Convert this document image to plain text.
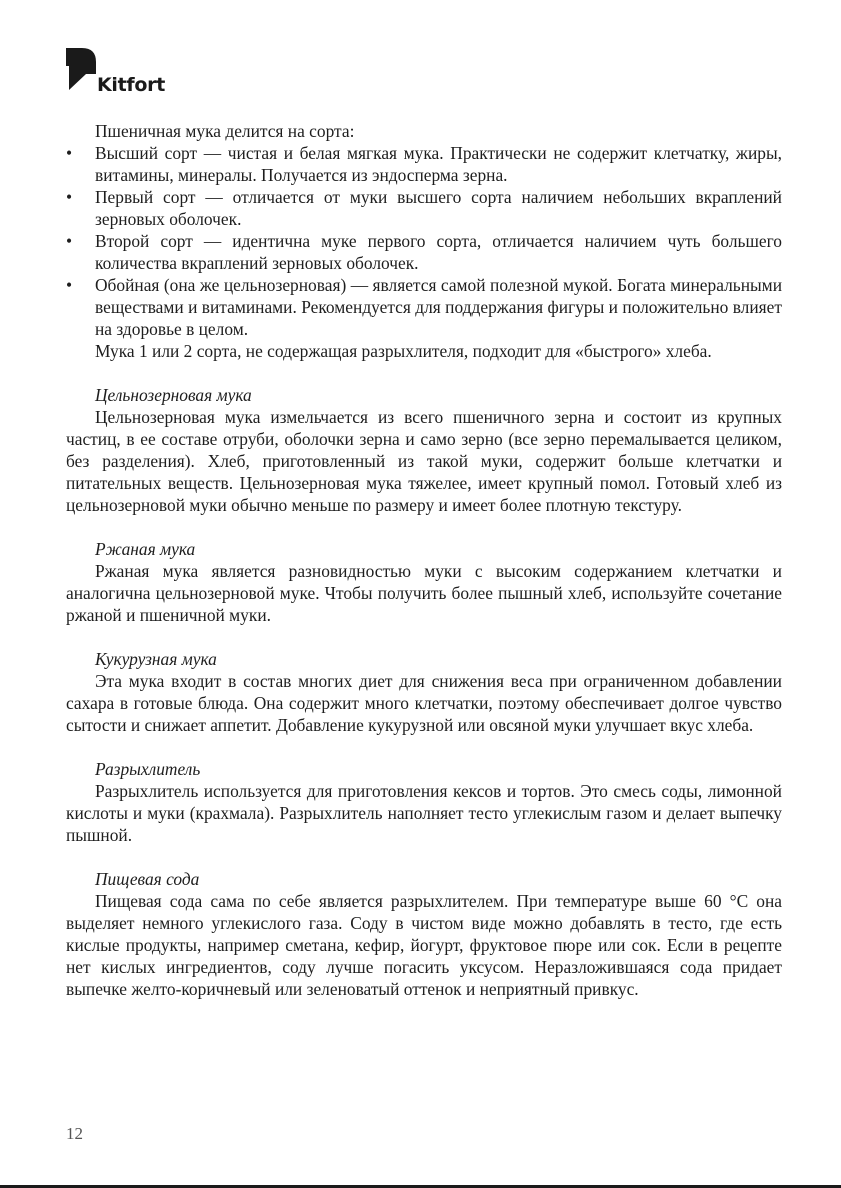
Kitfort

Пшеничная мука делится на сорта:

•	Высший сорт — чистая и белая мягкая мука. Практически не содержит клетчатку, жиры, витамины, минералы. Получается из эндосперма зерна.
•	Первый сорт — отличается от муки высшего сорта наличием небольших вкраплений зерновых оболочек.
•	Второй сорт — идентична муке первого сорта, отличается наличием чуть большего количества вкраплений зерновых оболочек.
•	Обойная (она же цельнозерновая) — является самой полезной мукой. Богата минеральными веществами и витаминами. Рекомендуется для поддержания фигуры и положительно влияет на здоровье в целом.

Мука 1 или 2 сорта, не содержащая разрыхлителя, подходит для «быстрого» хлеба.

Цельнозерновая мука

Цельнозерновая мука измельчается из всего пшеничного зерна и состоит из крупных частиц, в ее составе отруби, оболочки зерна и само зерно (все зерно перемалывается целиком, без разделения). Хлеб, приготовленный из такой муки, содержит больше клетчатки и питательных веществ. Цельнозерновая мука тяжелее, имеет крупный помол. Готовый хлеб из цельнозерновой муки обычно меньше по размеру и имеет более плотную текстуру.

Ржаная мука

Ржаная мука является разновидностью муки с высоким содержанием клетчатки и аналогична цельнозерновой муке. Чтобы получить более пышный хлеб, используйте сочетание ржаной и пшеничной муки.

Кукурузная мука

Эта мука входит в состав многих диет для снижения веса при ограниченном добавлении сахара в готовые блюда. Она содержит много клетчатки, поэтому обеспечивает долгое чувство сытости и снижает аппетит. Добавление кукурузной или овсяной муки улучшает вкус хлеба.

Разрыхлитель

Разрыхлитель используется для приготовления кексов и тортов. Это смесь соды, лимонной кислоты и муки (крахмала). Разрыхлитель наполняет тесто углекислым газом и делает выпечку пышной.

Пищевая сода

Пищевая сода сама по себе является разрыхлителем. При температуре выше 60 °C она выделяет немного углекислого газа. Соду в чистом виде можно добавлять в тесто, где есть кислые продукты, например сметана, кефир, йогурт, фруктовое пюре или сок. Если в рецепте нет кислых ингредиентов, соду лучше погасить уксусом. Неразложившаяся сода придает выпечке желто-коричневый или зеленоватый оттенок и неприятный привкус.

12
